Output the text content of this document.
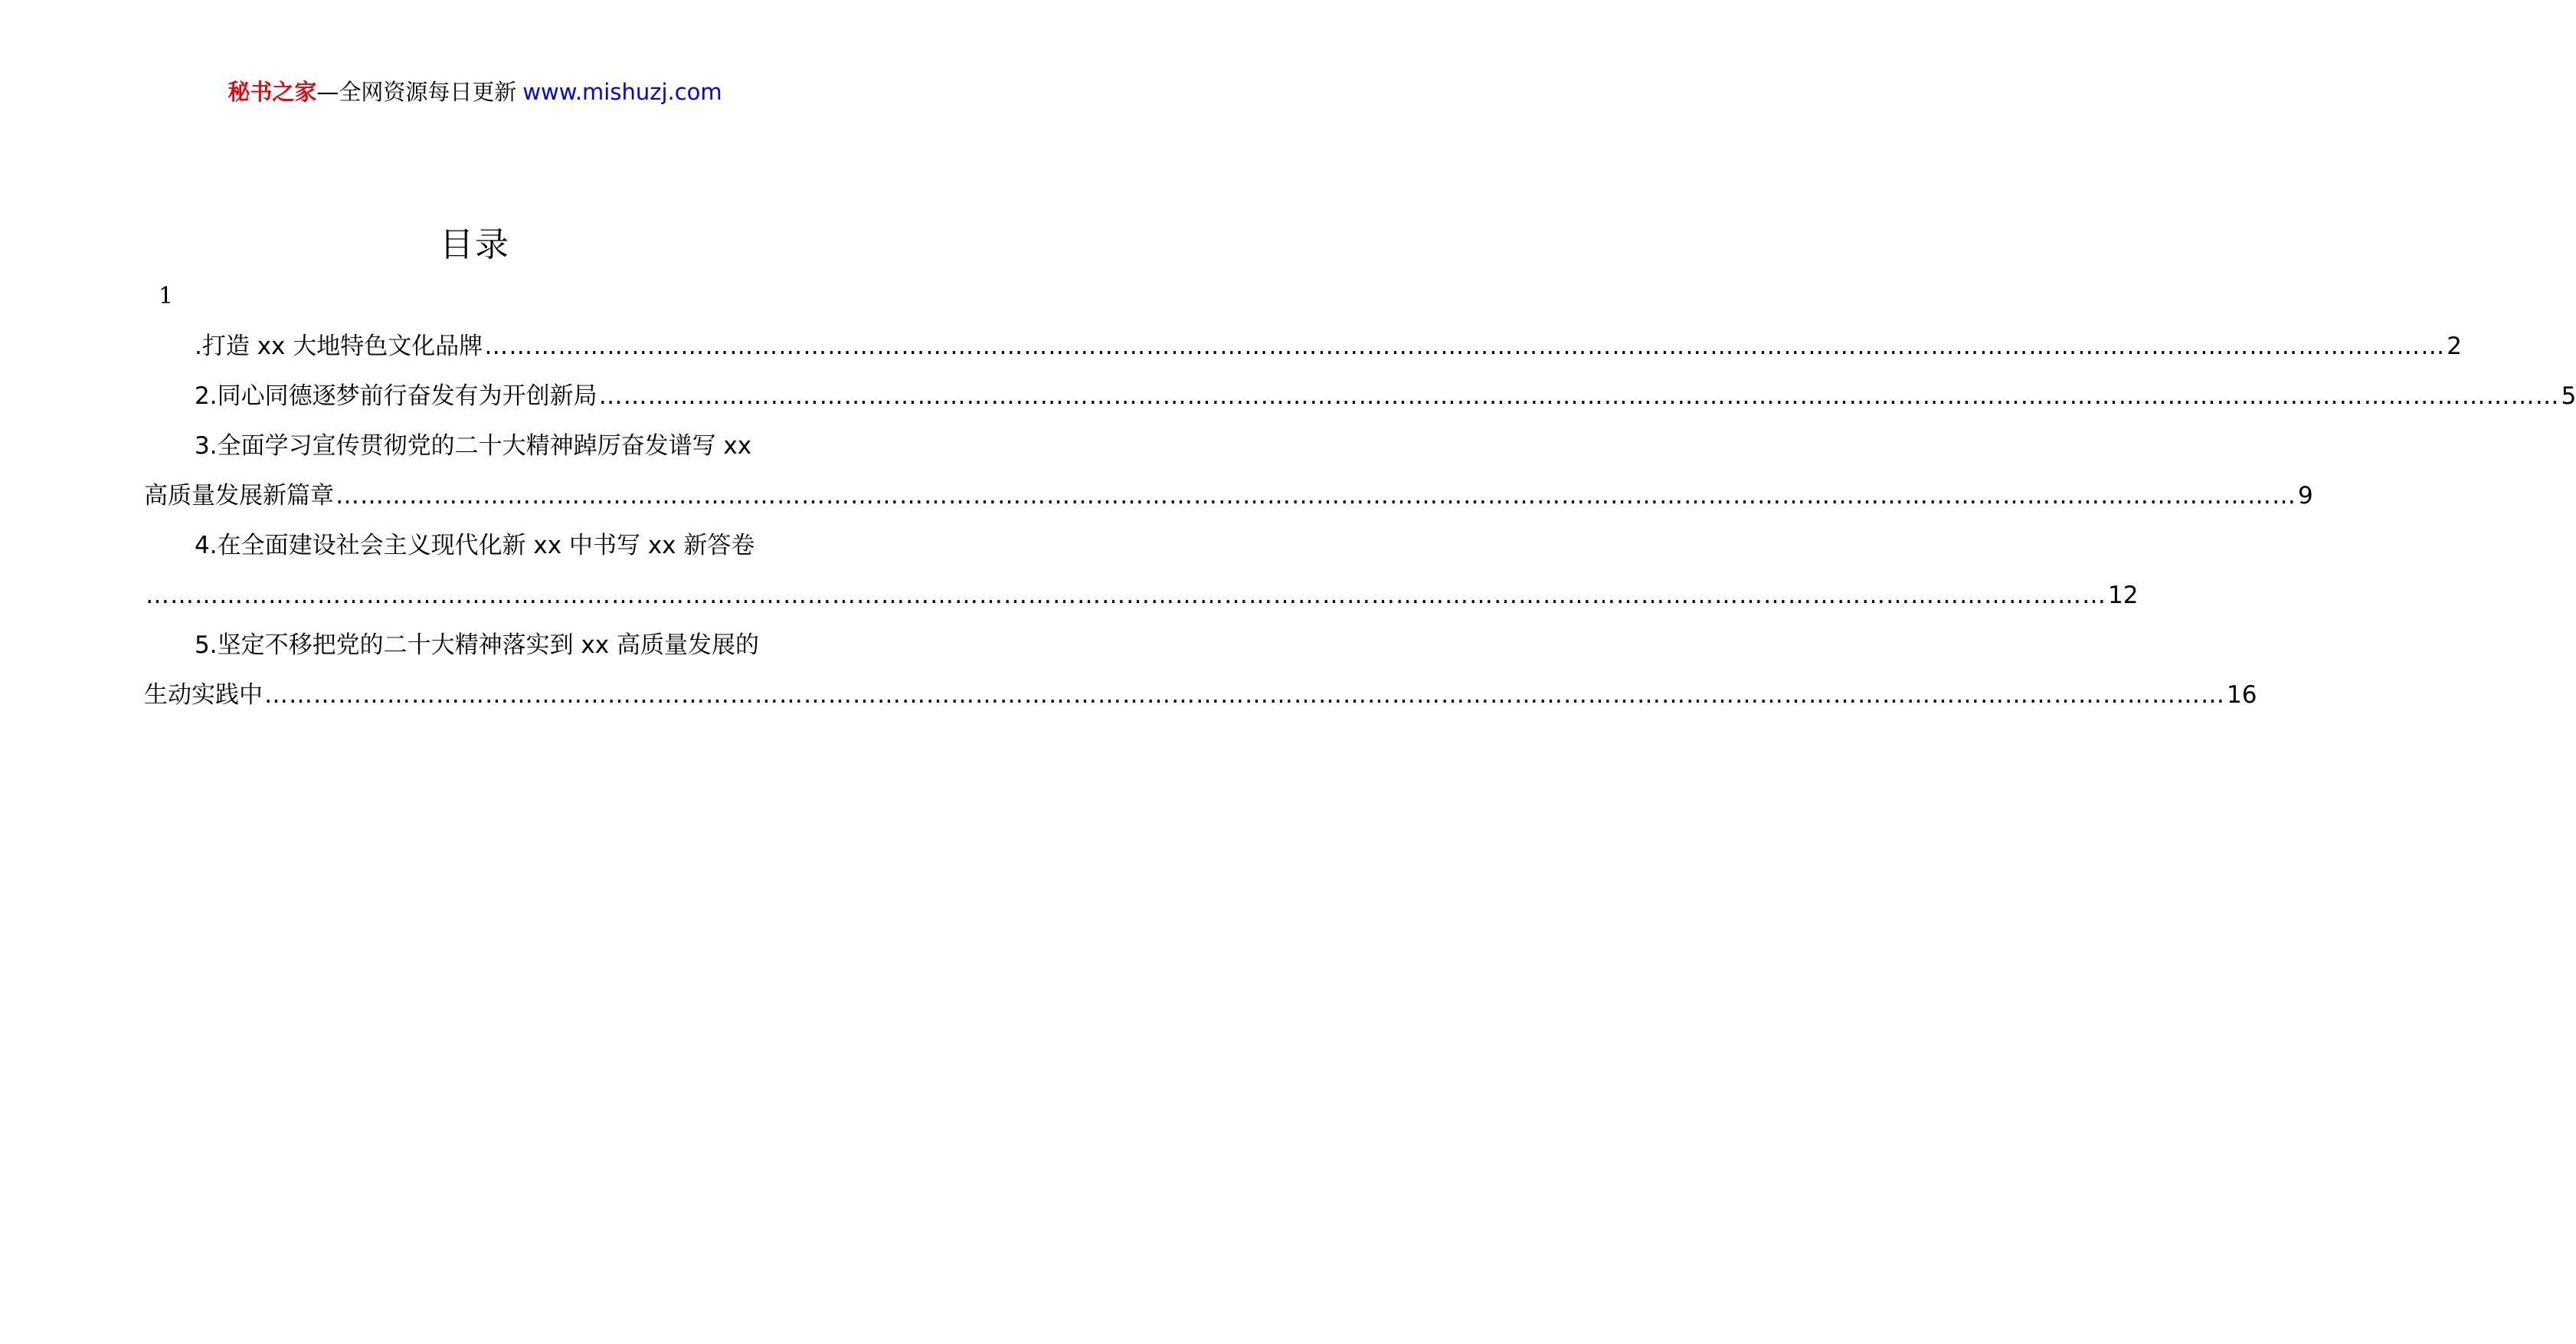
秘书之家—全网资源每日更新 www.mishuzj.com
目录
1
.打造 xx 大地特色文化品牌 …………………………………………………………………………………………………………………………………………………………………………………………………………………… 2
2.同心同德逐梦前行奋发有为开创新局 …………………………………………………………………………………………………………………………………………………………………………………………………………………… 5
3.全面学习宣传贯彻党的二十大精神踔厉奋发谱写 xx
高质量发展新篇章 …………………………………………………………………………………………………………………………………………………………………………………………………………………… 9
4.在全面建设社会主义现代化新 xx 中书写 xx 新答卷
…………………………………………………………………………………………………………………………………………………………………………………………………………………… 12
5.坚定不移把党的二十大精神落实到 xx 高质量发展的
生动实践中 …………………………………………………………………………………………………………………………………………………………………………………………………………………… 16
